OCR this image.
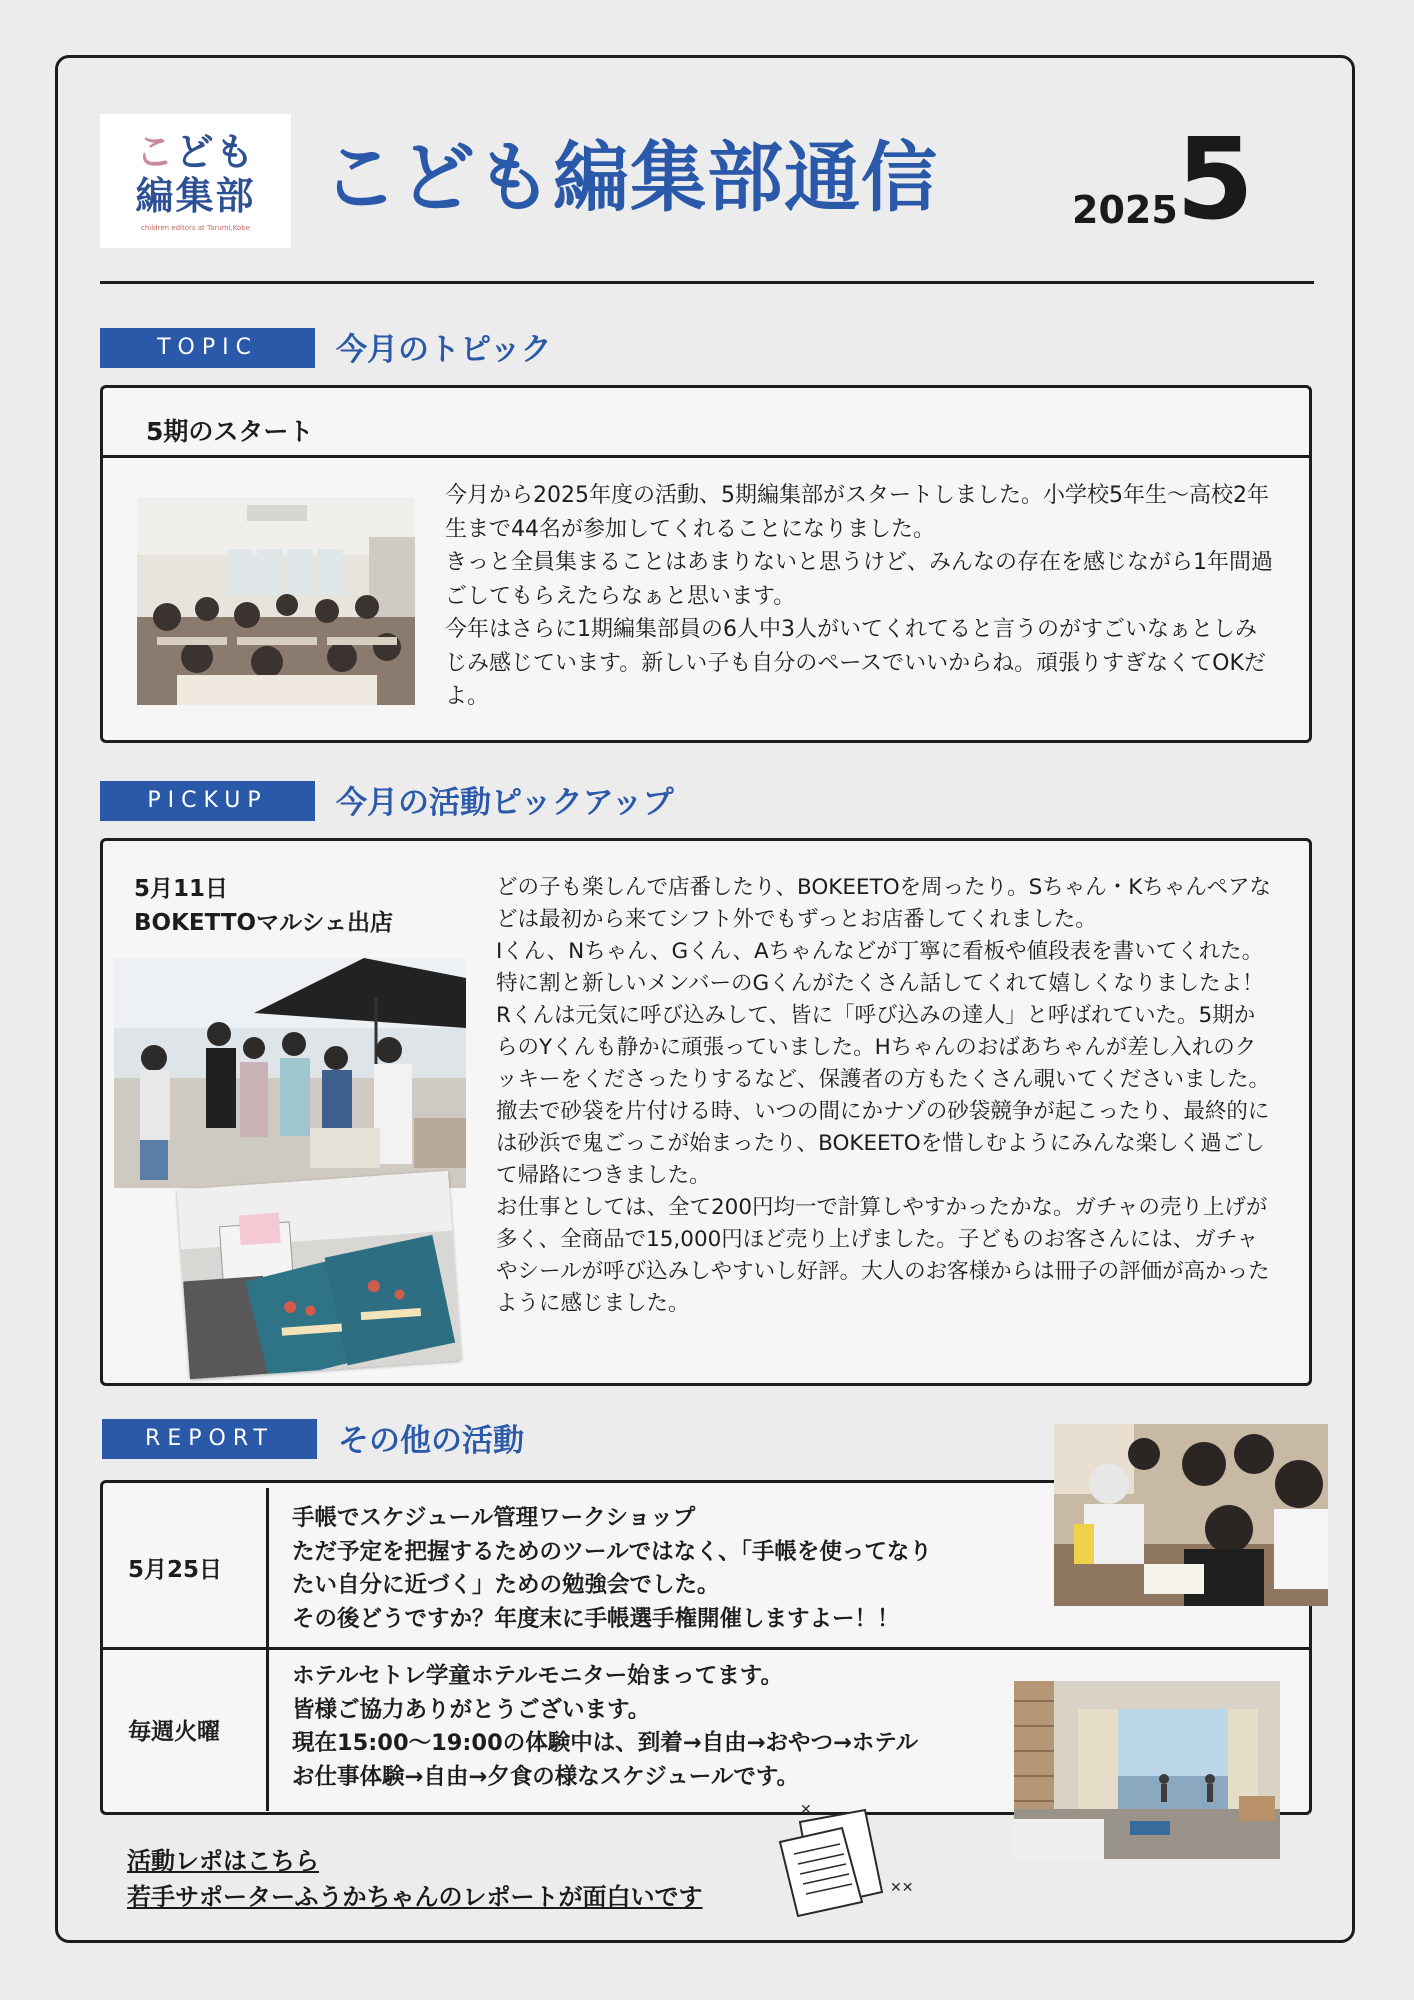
こども
編集部
children editors at Tarumi,Kobe
こども編集部通信	2025
5
TOPIC	今月のトピック
5期のスタート
今月から2025年度の活動、5期編集部がスタートしました。小学校5年生〜高校2年生まで44名が参加してくれることになりました。
きっと全員集まることはあまりないと思うけど、みんなの存在を感じながら1年間過ごしてもらえたらなぁと思います。
今年はさらに1期編集部員の6人中3人がいてくれてると言うのがすごいなぁとしみじみ感じています。新しい子も自分のペースでいいからね。頑張りすぎなくてOKだよ。
PICKUP	今月の活動ピックアップ
5月11日
BOKETTOマルシェ出店
どの子も楽しんで店番したり、BOKEETOを周ったり。Sちゃん・Kちゃんペアなどは最初から来てシフト外でもずっとお店番してくれました。
Iくん、Nちゃん、Gくん、Aちゃんなどが丁寧に看板や値段表を書いてくれた。特に割と新しいメンバーのGくんがたくさん話してくれて嬉しくなりましたよ！Rくんは元気に呼び込みして、皆に「呼び込みの達人」と呼ばれていた。5期からのYくんも静かに頑張っていました。Hちゃんのおばあちゃんが差し入れのクッキーをくださったりするなど、保護者の方もたくさん覗いてくださいました。撤去で砂袋を片付ける時、いつの間にかナゾの砂袋競争が起こったり、最終的には砂浜で鬼ごっこが始まったり、BOKEETOを惜しむようにみんな楽しく過ごして帰路につきました。
お仕事としては、全て200円均一で計算しやすかったかな。ガチャの売り上げが多く、全商品で15,000円ほど売り上げました。子どものお客さんには、ガチャやシールが呼び込みしやすいし好評。大人のお客様からは冊子の評価が高かったように感じました。
REPORT	その他の活動
5月25日
手帳でスケジュール管理ワークショップ
ただ予定を把握するためのツールではなく、「手帳を使ってなり
たい自分に近づく」ための勉強会でした。
その後どうですか？年度末に手帳選手権開催しますよー！！
毎週火曜
ホテルセトレ学童ホテルモニター始まってます。
皆様ご協力ありがとうございます。
現在15:00〜19:00の体験中は、到着→自由→おやつ→ホテル
お仕事体験→自由→夕食の様なスケジュールです。
活動レポはこちら
若手サポーターふうかちゃんのレポートが面白いです
✕
✕✕
